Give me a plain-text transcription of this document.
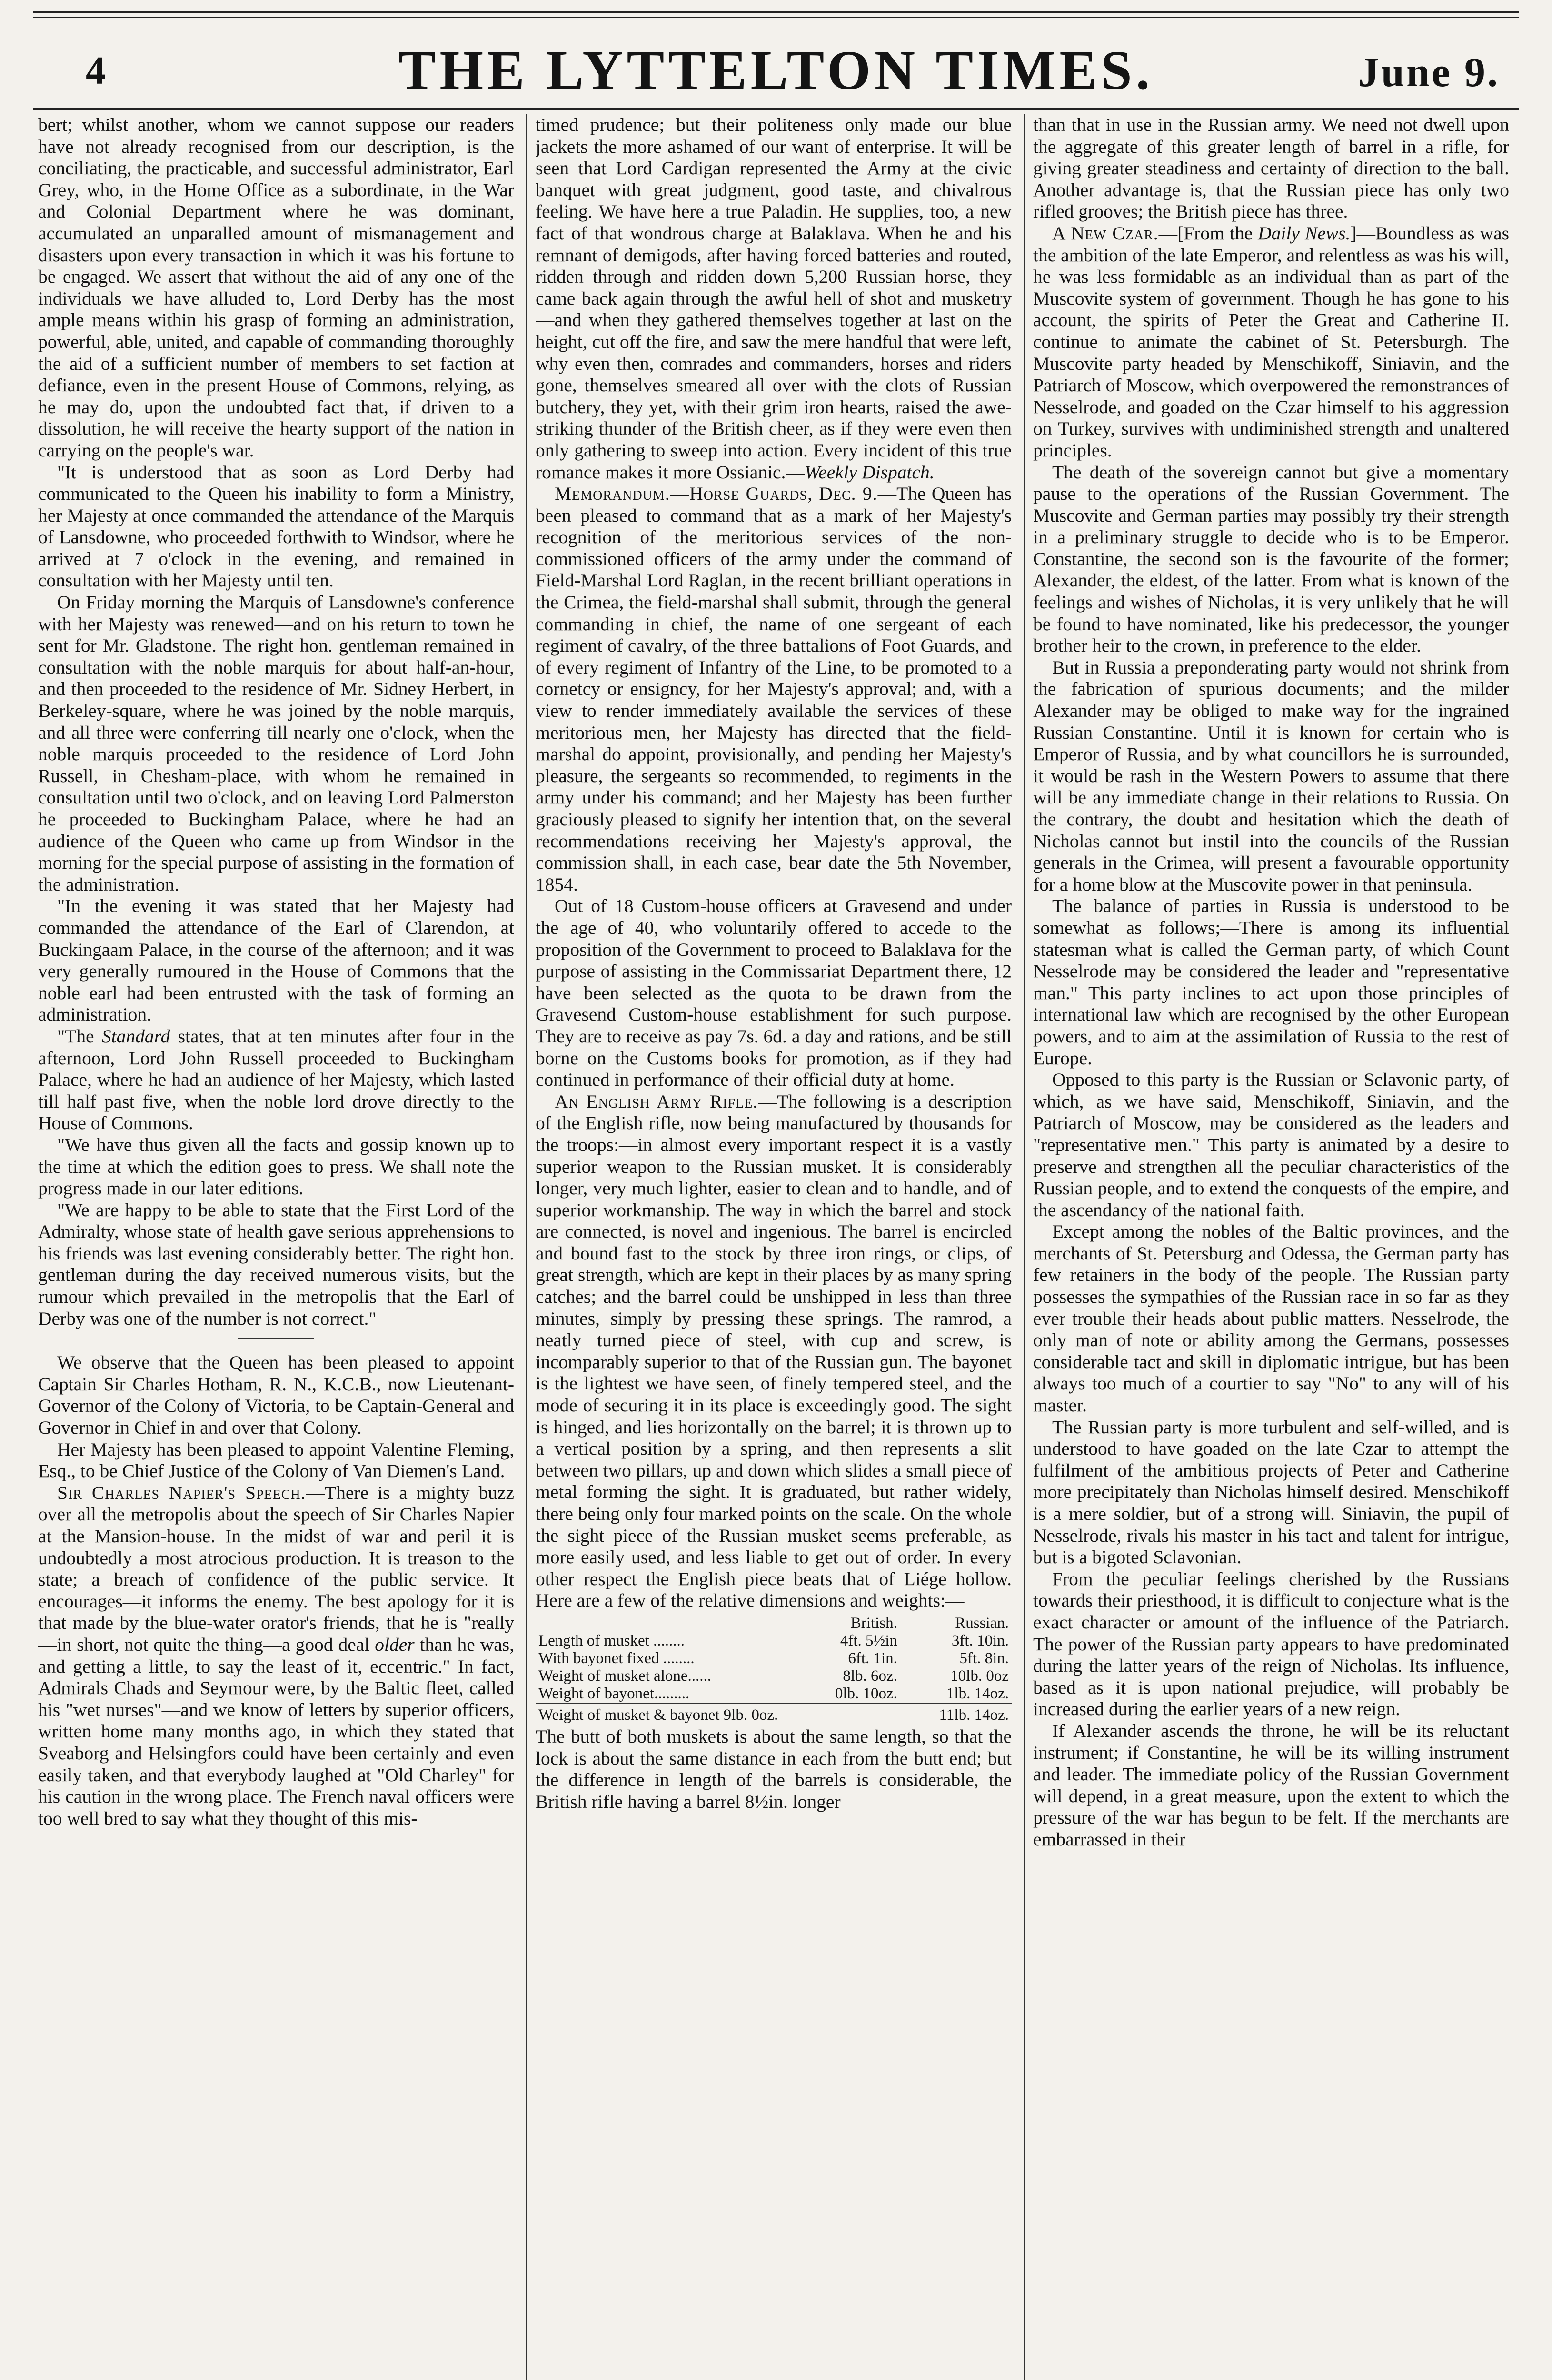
4	THE LYTTELTON TIMES.	June 9.

bert; whilst another, whom we cannot suppose our readers have not already recognised from our description, is the conciliating, the practicable, and successful administrator, Earl Grey, who, in the Home Office as a subordinate, in the War and Colonial Department where he was dominant, accumulated an unparalled amount of mismanagement and disasters upon every transaction in which it was his fortune to be engaged. We assert that without the aid of any one of the individuals we have alluded to, Lord Derby has the most ample means within his grasp of forming an administration, powerful, able, united, and capable of commanding thoroughly the aid of a sufficient number of members to set faction at defiance, even in the present House of Commons, relying, as he may do, upon the undoubted fact that, if driven to a dissolution, he will receive the hearty support of the nation in carrying on the people's war.

"It is understood that as soon as Lord Derby had communicated to the Queen his inability to form a Ministry, her Majesty at once commanded the attendance of the Marquis of Lansdowne, who proceeded forthwith to Windsor, where he arrived at 7 o'clock in the evening, and remained in consultation with her Majesty until ten.

On Friday morning the Marquis of Lansdowne's conference with her Majesty was renewed—and on his return to town he sent for Mr. Gladstone. The right hon. gentleman remained in consultation with the noble marquis for about half-an-hour, and then proceeded to the residence of Mr. Sidney Herbert, in Berkeley-square, where he was joined by the noble marquis, and all three were conferring till nearly one o'clock, when the noble marquis proceeded to the residence of Lord John Russell, in Chesham-place, with whom he remained in consultation until two o'clock, and on leaving Lord Palmerston he proceeded to Buckingham Palace, where he had an audience of the Queen who came up from Windsor in the morning for the special purpose of assisting in the formation of the administration.

"In the evening it was stated that her Majesty had commanded the attendance of the Earl of Clarendon, at Buckingaam Palace, in the course of the afternoon; and it was very generally rumoured in the House of Commons that the noble earl had been entrusted with the task of forming an administration.

"The Standard states, that at ten minutes after four in the afternoon, Lord John Russell proceeded to Buckingham Palace, where he had an audience of her Majesty, which lasted till half past five, when the noble lord drove directly to the House of Commons.

"We have thus given all the facts and gossip known up to the time at which the edition goes to press. We shall note the progress made in our later editions.

"We are happy to be able to state that the First Lord of the Admiralty, whose state of health gave serious apprehensions to his friends was last evening considerably better. The right hon. gentleman during the day received numerous visits, but the rumour which prevailed in the metropolis that the Earl of Derby was one of the number is not correct."

We observe that the Queen has been pleased to appoint Captain Sir Charles Hotham, R. N., K.C.B., now Lieutenant-Governor of the Colony of Victoria, to be Captain-General and Governor in Chief in and over that Colony.

Her Majesty has been pleased to appoint Valentine Fleming, Esq., to be Chief Justice of the Colony of Van Diemen's Land.

Sir Charles Napier's Speech.—There is a mighty buzz over all the metropolis about the speech of Sir Charles Napier at the Mansion-house. In the midst of war and peril it is undoubtedly a most atrocious production. It is treason to the state; a breach of confidence of the public service. It encourages—it informs the enemy. The best apology for it is that made by the blue-water orator's friends, that he is "really—in short, not quite the thing—a good deal older than he was, and getting a little, to say the least of it, eccentric." In fact, Admirals Chads and Seymour were, by the Baltic fleet, called his "wet nurses"—and we know of letters by superior officers, written home many months ago, in which they stated that Sveaborg and Helsingfors could have been certainly and even easily taken, and that everybody laughed at "Old Charley" for his caution in the wrong place. The French naval officers were too well bred to say what they thought of this mis-

timed prudence; but their politeness only made our blue jackets the more ashamed of our want of enterprise. It will be seen that Lord Cardigan represented the Army at the civic banquet with great judgment, good taste, and chivalrous feeling. We have here a true Paladin. He supplies, too, a new fact of that wondrous charge at Balaklava. When he and his remnant of demigods, after having forced batteries and routed, ridden through and ridden down 5,200 Russian horse, they came back again through the awful hell of shot and musketry—and when they gathered themselves together at last on the height, cut off the fire, and saw the mere handful that were left, why even then, comrades and commanders, horses and riders gone, themselves smeared all over with the clots of Russian butchery, they yet, with their grim iron hearts, raised the awe-striking thunder of the British cheer, as if they were even then only gathering to sweep into action. Every incident of this true romance makes it more Ossianic.—Weekly Dispatch.

Memorandum.—Horse Guards, Dec. 9.—The Queen has been pleased to command that as a mark of her Majesty's recognition of the meritorious services of the non-commissioned officers of the army under the command of Field-Marshal Lord Raglan, in the recent brilliant operations in the Crimea, the field-marshal shall submit, through the general commanding in chief, the name of one sergeant of each regiment of cavalry, of the three battalions of Foot Guards, and of every regiment of Infantry of the Line, to be promoted to a cornetcy or ensigncy, for her Majesty's approval; and, with a view to render immediately available the services of these meritorious men, her Majesty has directed that the field-marshal do appoint, provisionally, and pending her Majesty's pleasure, the sergeants so recommended, to regiments in the army under his command; and her Majesty has been further graciously pleased to signify her intention that, on the several recommendations receiving her Majesty's approval, the commission shall, in each case, bear date the 5th November, 1854.

Out of 18 Custom-house officers at Gravesend and under the age of 40, who voluntarily offered to accede to the proposition of the Government to proceed to Balaklava for the purpose of assisting in the Commissariat Department there, 12 have been selected as the quota to be drawn from the Gravesend Custom-house establishment for such purpose. They are to receive as pay 7s. 6d. a day and rations, and be still borne on the Customs books for promotion, as if they had continued in performance of their official duty at home.

An English Army Rifle.—The following is a description of the English rifle, now being manufactured by thousands for the troops:—in almost every important respect it is a vastly superior weapon to the Russian musket. It is considerably longer, very much lighter, easier to clean and to handle, and of superior workmanship. The way in which the barrel and stock are connected, is novel and ingenious. The barrel is encircled and bound fast to the stock by three iron rings, or clips, of great strength, which are kept in their places by as many spring catches; and the barrel could be unshipped in less than three minutes, simply by pressing these springs. The ramrod, a neatly turned piece of steel, with cup and screw, is incomparably superior to that of the Russian gun. The bayonet is the lightest we have seen, of finely tempered steel, and the mode of securing it in its place is exceedingly good. The sight is hinged, and lies horizontally on the barrel; it is thrown up to a vertical position by a spring, and then represents a slit between two pillars, up and down which slides a small piece of metal forming the sight. It is graduated, but rather widely, there being only four marked points on the scale. On the whole the sight piece of the Russian musket seems preferable, as more easily used, and less liable to get out of order. In every other respect the English piece beats that of Liége hollow. Here are a few of the relative dimensions and weights:—

	British.	Russian.
Length of musket ........	4ft. 5½in	3ft. 10in.
With bayonet fixed ........	6ft. 1in.	5ft. 8in.
Weight of musket alone......	8lb. 6oz.	10lb. 0oz
Weight of bayonet.........	0lb. 10oz.	1lb. 14oz.
Weight of musket & bayonet 9lb. 0oz.		11lb. 14oz.

The butt of both muskets is about the same length, so that the lock is about the same distance in each from the butt end; but the difference in length of the barrels is considerable, the British rifle having a barrel 8½in. longer

than that in use in the Russian army. We need not dwell upon the aggregate of this greater length of barrel in a rifle, for giving greater steadiness and certainty of direction to the ball. Another advantage is, that the Russian piece has only two rifled grooves; the British piece has three.

A New Czar.—[From the Daily News.]—Boundless as was the ambition of the late Emperor, and relentless as was his will, he was less formidable as an individual than as part of the Muscovite system of government. Though he has gone to his account, the spirits of Peter the Great and Catherine II. continue to animate the cabinet of St. Petersburgh. The Muscovite party headed by Menschikoff, Siniavin, and the Patriarch of Moscow, which overpowered the remonstrances of Nesselrode, and goaded on the Czar himself to his aggression on Turkey, survives with undiminished strength and unaltered principles.

The death of the sovereign cannot but give a momentary pause to the operations of the Russian Government. The Muscovite and German parties may possibly try their strength in a preliminary struggle to decide who is to be Emperor. Constantine, the second son is the favourite of the former; Alexander, the eldest, of the latter. From what is known of the feelings and wishes of Nicholas, it is very unlikely that he will be found to have nominated, like his predecessor, the younger brother heir to the crown, in preference to the elder.

But in Russia a preponderating party would not shrink from the fabrication of spurious documents; and the milder Alexander may be obliged to make way for the ingrained Russian Constantine. Until it is known for certain who is Emperor of Russia, and by what councillors he is surrounded, it would be rash in the Western Powers to assume that there will be any immediate change in their relations to Russia. On the contrary, the doubt and hesitation which the death of Nicholas cannot but instil into the councils of the Russian generals in the Crimea, will present a favourable opportunity for a home blow at the Muscovite power in that peninsula.

The balance of parties in Russia is understood to be somewhat as follows;—There is among its influential statesman what is called the German party, of which Count Nesselrode may be considered the leader and "representative man." This party inclines to act upon those principles of international law which are recognised by the other European powers, and to aim at the assimilation of Russia to the rest of Europe.

Opposed to this party is the Russian or Sclavonic party, of which, as we have said, Menschikoff, Siniavin, and the Patriarch of Moscow, may be considered as the leaders and "representative men." This party is animated by a desire to preserve and strengthen all the peculiar characteristics of the Russian people, and to extend the conquests of the empire, and the ascendancy of the national faith.

Except among the nobles of the Baltic provinces, and the merchants of St. Petersburg and Odessa, the German party has few retainers in the body of the people. The Russian party possesses the sympathies of the Russian race in so far as they ever trouble their heads about public matters. Nesselrode, the only man of note or ability among the Germans, possesses considerable tact and skill in diplomatic intrigue, but has been always too much of a courtier to say "No" to any will of his master.

The Russian party is more turbulent and self-willed, and is understood to have goaded on the late Czar to attempt the fulfilment of the ambitious projects of Peter and Catherine more precipitately than Nicholas himself desired. Menschikoff is a mere soldier, but of a strong will. Siniavin, the pupil of Nesselrode, rivals his master in his tact and talent for intrigue, but is a bigoted Sclavonian.

From the peculiar feelings cherished by the Russians towards their priesthood, it is difficult to conjecture what is the exact character or amount of the influence of the Patriarch. The power of the Russian party appears to have predominated during the latter years of the reign of Nicholas. Its influence, based as it is upon national prejudice, will probably be increased during the earlier years of a new reign.

If Alexander ascends the throne, he will be its reluctant instrument; if Constantine, he will be its willing instrument and leader. The immediate policy of the Russian Government will depend, in a great measure, upon the extent to which the pressure of the war has begun to be felt. If the merchants are embarrassed in their
